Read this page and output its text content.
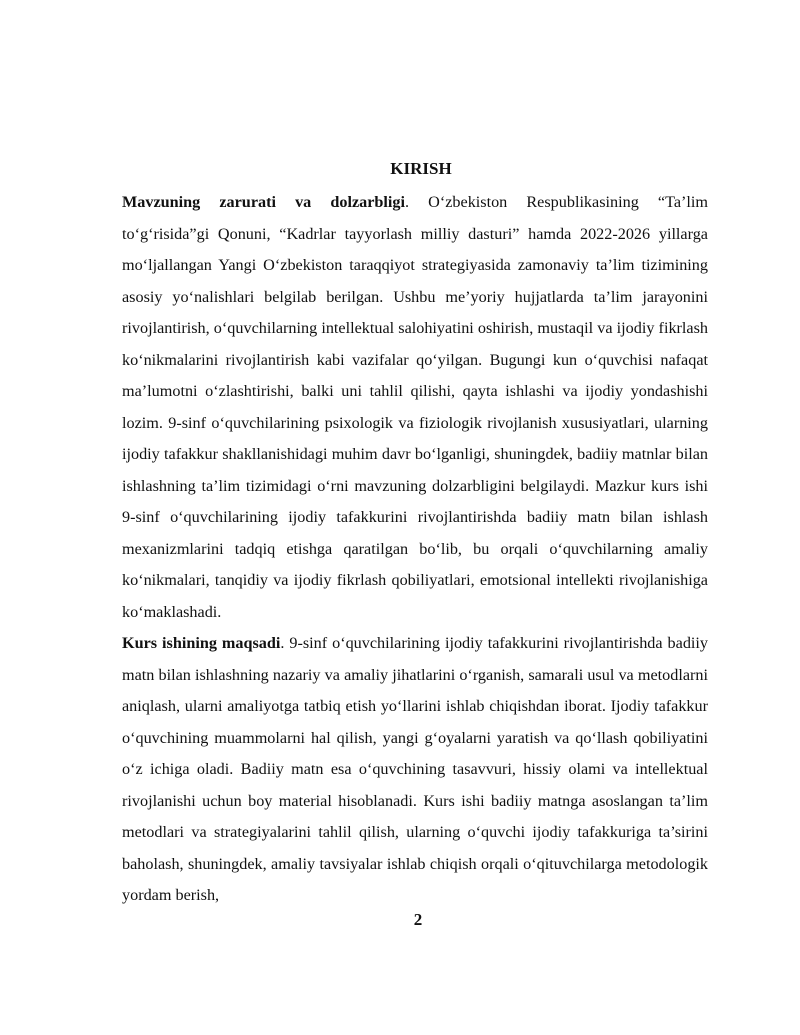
KIRISH

Mavzuning zarurati va dolzarbligi. O‘zbekiston Respublikasining “Ta’lim to‘g‘risida”gi Qonuni, “Kadrlar tayyorlash milliy dasturi” hamda 2022-2026 yillarga mo‘ljallangan Yangi O‘zbekiston taraqqiyot strategiyasida zamonaviy ta’lim tizimining asosiy yo‘nalishlari belgilab berilgan. Ushbu me’yoriy hujjatlarda ta’lim jarayonini rivojlantirish, o‘quvchilarning intellektual salohiyatini oshirish, mustaqil va ijodiy fikrlash ko‘nikmalarini rivojlantirish kabi vazifalar qo‘yilgan. Bugungi kun o‘quvchisi nafaqat ma’lumotni o‘zlashtirishi, balki uni tahlil qilishi, qayta ishlashi va ijodiy yondashishi lozim. 9-sinf o‘quvchilarining psixologik va fiziologik rivojlanish xususiyatlari, ularning ijodiy tafakkur shakllanishidagi muhim davr bo‘lganligi, shuningdek, badiiy matnlar bilan ishlashning ta’lim tizimidagi o‘rni mavzuning dolzarbligini belgilaydi. Mazkur kurs ishi 9-sinf o‘quvchilarining ijodiy tafakkurini rivojlantirishda badiiy matn bilan ishlash mexanizmlarini tadqiq etishga qaratilgan bo‘lib, bu orqali o‘quvchilarning amaliy ko‘nikmalari, tanqidiy va ijodiy fikrlash qobiliyatlari, emotsional intellekti rivojlanishiga ko‘maklashadi.

Kurs ishining maqsadi. 9-sinf o‘quvchilarining ijodiy tafakkurini rivojlantirishda badiiy matn bilan ishlashning nazariy va amaliy jihatlarini o‘rganish, samarali usul va metodlarni aniqlash, ularni amaliyotga tatbiq etish yo‘llarini ishlab chiqishdan iborat. Ijodiy tafakkur o‘quvchining muammolarni hal qilish, yangi g‘oyalarni yaratish va qo‘llash qobiliyatini o‘z ichiga oladi. Badiiy matn esa o‘quvchining tasavvuri, hissiy olami va intellektual rivojlanishi uchun boy material hisoblanadi. Kurs ishi badiiy matnga asoslangan ta’lim metodlari va strategiyalarini tahlil qilish, ularning o‘quvchi ijodiy tafakkuriga ta’sirini baholash, shuningdek, amaliy tavsiyalar ishlab chiqish orqali o‘qituvchilarga metodologik yordam berish,

2
